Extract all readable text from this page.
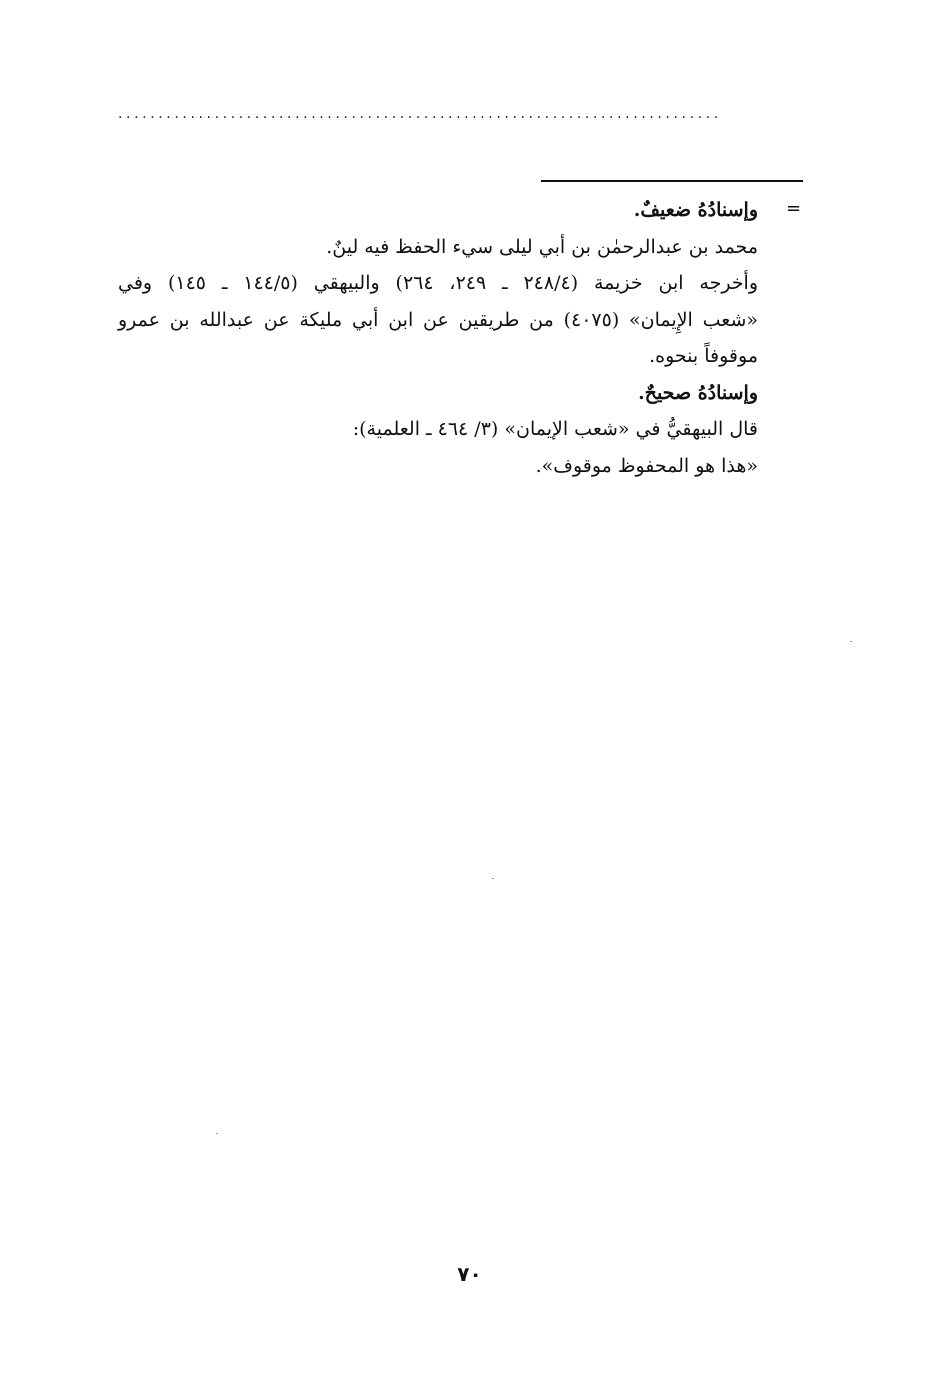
...........................................................................
=
وإسنادُهُ ضعيفٌ.
محمد بن عبدالرحمٰن بن أبي ليلى سيء الحفظ فيه لينٌ.
وأخرجه ابن خزيمة (٢٤٨/٤ ـ ٢٤٩، ٢٦٤) والبيهقي (١٤٤/٥ ـ ١٤٥) وفي
«شعب الإِيمان» (٤٠٧٥) من طريقين عن ابن أبي مليكة عن عبدالله بن عمرو
موقوفاً بنحوه.
وإسنادُهُ صحيحٌ.
قال البيهقيُّ في «شعب الإيمان» (٣/ ٤٦٤ ـ العلمية):
«هذا هو المحفوظ موقوف».
٧٠
